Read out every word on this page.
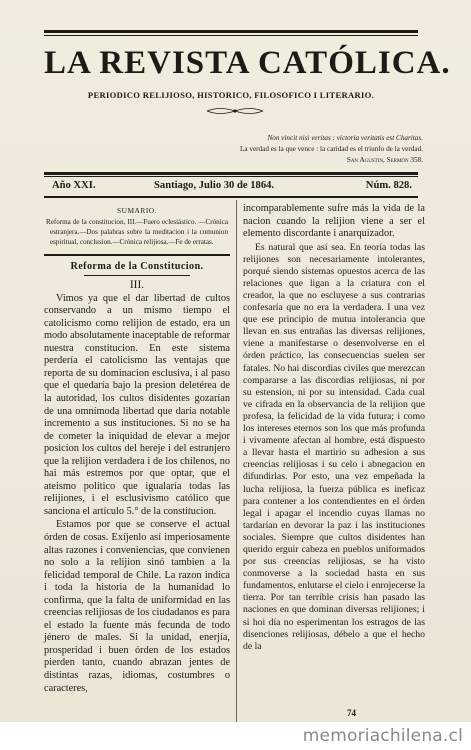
LA REVISTA CATÓLICA.
PERIODICO RELIJIOSO, HISTORICO, FILOSOFICO I LITERARIO.
Non vincit nisi veritas : victoria veritatis est Charitas.
La verdad es la que vence : la caridad es el triunfo de la verdad.
San Agustin, Sermon 358.
Año XXI.	Santiago, Julio 30 de 1864.	Núm. 828.
SUMARIO.
Reforma de la constitucion, III.—Fuero eclesiástico. —Crónica estranjera.—Dos palabras sobre la meditacion i la comunion espiritual, conclusion.—Crónica relijiosa.—Fe de erratas.
Reforma de la Constitucion.
III.

Vimos ya que el dar libertad de cultos conservando a un mismo tiempo el catolicismo como relijion de estado, era un modo absolutamente inaceptable de reformar nuestra constitucion. En este sistema perdería el catolicismo las ventajas que reporta de su dominacion esclusiva, i al paso que el quedaría bajo la presion deletérea de la autoridad, los cultos disidentes gozarían de una omnímoda libertad que daría notable incremento a sus instituciones. Si no se ha de cometer la iniquidad de elevar a mejor posicion los cultos del hereje i del estranjero que la relijion verdadera i de los chilenos, no hai más estremos por que optar, que el ateismo político que igualaría todas las relijiones, i el esclusivismo católico que sanciona el artículo 5.° de la constitucion.

Estamos por que se conserve el actual órden de cosas. Exíjenlo así imperiosamente altas razones i conveniencias, que convienen no solo a la relijion sinó tambien a la felicidad temporal de Chile. La razon indica i toda la historia de la humanidad lo confirma, que la falta de uniformidad en las creencias relijiosas de los ciudadanos es para el estado la fuente más fecunda de todo jénero de males. Si la unidad, enerjía, prosperidad i buen órden de los estados pierden tanto, cuando abrazan jentes de distintas razas, idiomas, costumbres o caracteres,

incomparablemente sufre más la vida de la nacion cuando la relijion viene a ser el elemento discordante i anarquizador.

Es natural que así sea. En teoría todas las relijiones son necesariamente intolerantes, porqué siendo sistemas opuestos acerca de las relaciones que ligan a la criatura con el creador, la que no escluyese a sus contrarias confesaría que no era la verdadera. I una vez que ese principio de mutua intolerancia que llevan en sus entrañas las diversas relijiones, viene a manifestarse o desenvolverse en el órden práctico, las consecuencias suelen ser fatales. No hai discordias civiles que merezcan compararse a las discordias relijiosas, ni por su estension, ni por su intensidad. Cada cual ve cifrada en la observancia de la relijion que profesa, la felicidad de la vida futura; i como los intereses eternos son los que más profunda i vivamente afectan al hombre, está dispuesto a llevar hasta el martirio su adhesion a sus creencias relijiosas i su celo i abnegacion en difundirlas. Por esto, una vez empeñada la lucha relijiosa, la fuerza pública es ineficaz para contener a los contendientes en el órden legal i apagar el incendio cuyas llamas no tardarían en devorar la paz i las instituciones sociales. Siempre que cultos disidentes han querido erguir cabeza en pueblos uniformados por sus creencias relijiosas, se ha visto conmoverse a la sociedad hasta en sus fundamentos, enlutarse el cielo i enrojecerse la tierra. Por tan terrible crisis han pasado las naciones en que dominan diversas relijiones; i si hoi día no esperimentan los estragos de las disenciones relijiosas, débelo a que el hecho de la

74
memoriachilena.cl
